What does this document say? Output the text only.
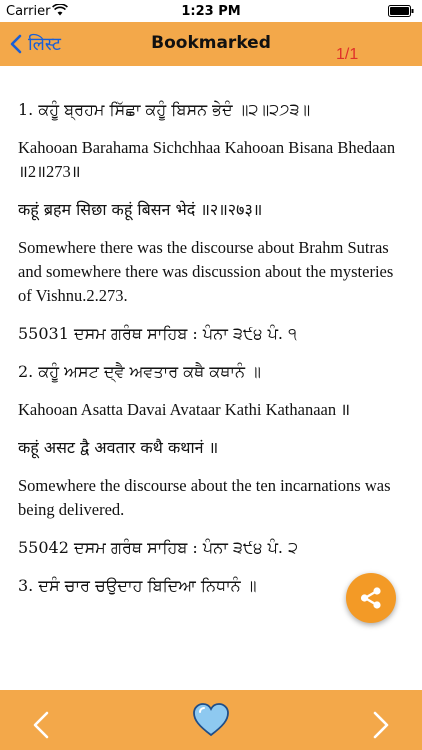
Carrier	1:23 PM
लिस्ट	Bookmarked

1. ਕਹੂੰ ਬ੍ਰਹਮ ਸਿੱਛਾ ਕਹੂੰ ਬਿਸਨ ਭੇਦੰ ॥੨॥੨੭੩॥

Kahooan Barahama Sichchhaa Kahooan Bisana Bhedaan ॥2॥273॥

कहूं ब्रहम सिछा कहूं बिसन भेदं ॥२॥२७३॥

Somewhere there was the discourse about Brahm Sutras and somewhere there was discussion about the mysteries of Vishnu.2.273.

55031 ਦਸਮ ਗਰੰਥ ਸਾਹਿਬ : ਪੰਨਾ ੩੯੪ ਪੰ. ੧

2. ਕਹੂੰ ਅਸਟ ਦ੍ਵੈ ਅਵਤਾਰ ਕਥੈ ਕਥਾਨੰ ॥

Kahooan Asatta Davai Avataar Kathi Kathanaan ॥

कहूं असट द्वै अवतार कथै कथानं ॥

Somewhere the discourse about the ten incarnations was being delivered.

55042 ਦਸਮ ਗਰੰਥ ਸਾਹਿਬ : ਪੰਨਾ ੩੯੪ ਪੰ. ੨

3. ਦਸੰ ਚਾਰ ਚਉਦਾਹ ਬਿਦਿਆ ਨਿਧਾਨੰ ॥

1/1
